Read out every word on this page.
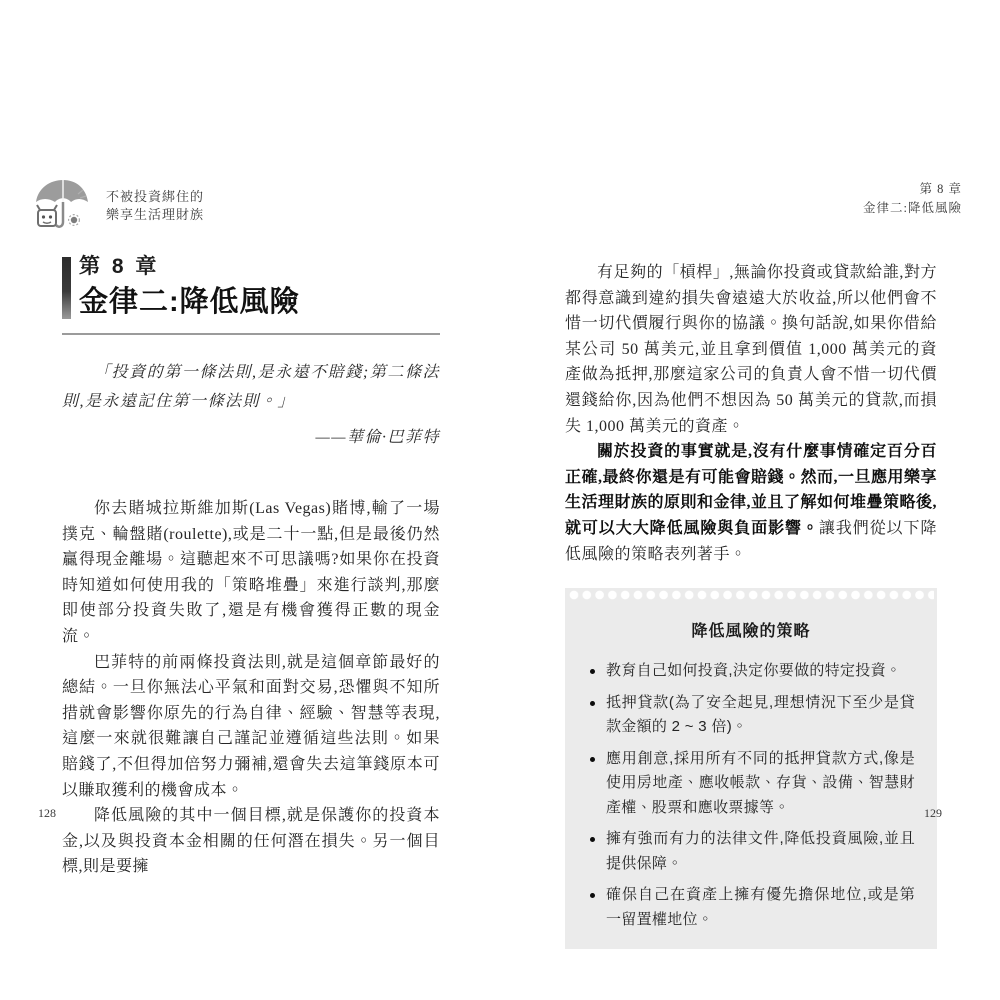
不被投資綁住的
樂享生活理財族
第 8 章
金律二:降低風險
第 8 章
金律二:降低風險

「投資的第一條法則,是永遠不賠錢;第二條法則,是永遠記住第一條法則。」

——華倫·巴菲特

你去賭城拉斯維加斯(Las Vegas)賭博,輸了一場撲克、輪盤賭(roulette),或是二十一點,但是最後仍然贏得現金離場。這聽起來不可思議嗎?如果你在投資時知道如何使用我的「策略堆疊」來進行談判,那麼即使部分投資失敗了,還是有機會獲得正數的現金流。

巴菲特的前兩條投資法則,就是這個章節最好的總結。一旦你無法心平氣和面對交易,恐懼與不知所措就會影響你原先的行為自律、經驗、智慧等表現,這麼一來就很難讓自己謹記並遵循這些法則。如果賠錢了,不但得加倍努力彌補,還會失去這筆錢原本可以賺取獲利的機會成本。

降低風險的其中一個目標,就是保護你的投資本金,以及與投資本金相關的任何潛在損失。另一個目標,則是要擁

128

有足夠的「槓桿」,無論你投資或貸款給誰,對方都得意識到違約損失會遠遠大於收益,所以他們會不惜一切代價履行與你的協議。換句話說,如果你借給某公司 50 萬美元,並且拿到價值 1,000 萬美元的資產做為抵押,那麼這家公司的負責人會不惜一切代價還錢給你,因為他們不想因為 50 萬美元的貸款,而損失 1,000 萬美元的資產。

關於投資的事實就是,沒有什麼事情確定百分百正確,最終你還是有可能會賠錢。然而,一旦應用樂享生活理財族的原則和金律,並且了解如何堆疊策略後,就可以大大降低風險與負面影響。讓我們從以下降低風險的策略表列著手。

降低風險的策略
教育自己如何投資,決定你要做的特定投資。
抵押貸款(為了安全起見,理想情況下至少是貸款金額的 2 ~ 3 倍)。
應用創意,採用所有不同的抵押貸款方式,像是使用房地產、應收帳款、存貨、設備、智慧財產權、股票和應收票據等。
擁有強而有力的法律文件,降低投資風險,並且提供保障。
確保自己在資產上擁有優先擔保地位,或是第一留置權地位。
129
